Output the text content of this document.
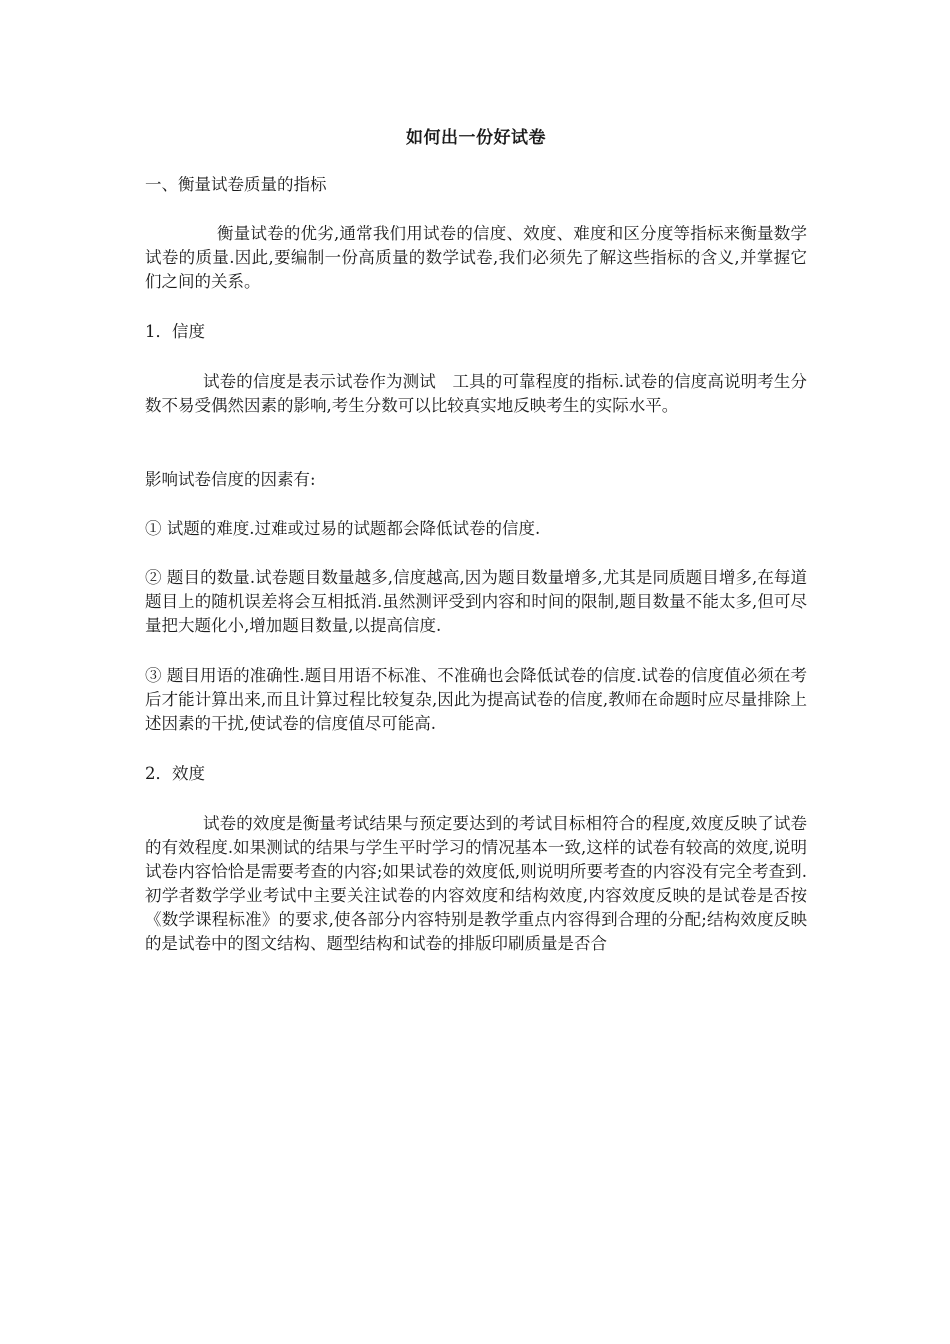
如何出一份好试卷
一、衡量试卷质量的指标
衡量试卷的优劣,通常我们用试卷的信度、效度、难度和区分度等指标来衡量数学试卷的质量.因此,要编制一份高质量的数学试卷,我们必须先了解这些指标的含义,并掌握它们之间的关系。
1．信度
试卷的信度是表示试卷作为测试　工具的可靠程度的指标.试卷的信度高说明考生分数不易受偶然因素的影响,考生分数可以比较真实地反映考生的实际水平。
影响试卷信度的因素有:
① 试题的难度.过难或过易的试题都会降低试卷的信度.
② 题目的数量.试卷题目数量越多,信度越高,因为题目数量增多,尤其是同质题目增多,在每道题目上的随机误差将会互相抵消.虽然测评受到内容和时间的限制,题目数量不能太多,但可尽量把大题化小,增加题目数量,以提高信度.
③ 题目用语的准确性.题目用语不标准、不准确也会降低试卷的信度.试卷的信度值必须在考后才能计算出来,而且计算过程比较复杂,因此为提高试卷的信度,教师在命题时应尽量排除上述因素的干扰,使试卷的信度值尽可能高.
2．效度
试卷的效度是衡量考试结果与预定要达到的考试目标相符合的程度,效度反映了试卷的有效程度.如果测试的结果与学生平时学习的情况基本一致,这样的试卷有较高的效度,说明试卷内容恰恰是需要考查的内容;如果试卷的效度低,则说明所要考查的内容没有完全考查到.初学者数学学业考试中主要关注试卷的内容效度和结构效度,内容效度反映的是试卷是否按《数学课程标准》的要求,使各部分内容特别是教学重点内容得到合理的分配;结构效度反映的是试卷中的图文结构、题型结构和试卷的排版印刷质量是否合
